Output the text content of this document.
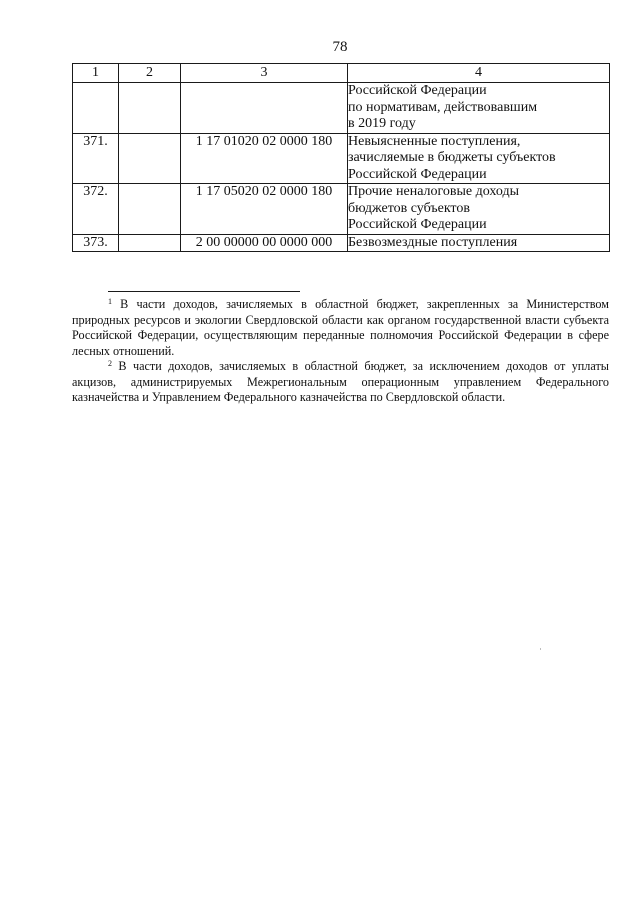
78
1	2	3	4

			Российской Федерации
по нормативам, действовавшим
в 2019 году

371.		1 17 01020 02 0000 180	Невыясненные поступления,
зачисляемые в бюджеты субъектов
Российской Федерации

372.		1 17 05020 02 0000 180	Прочие неналоговые доходы
бюджетов субъектов
Российской Федерации

373.		2 00 00000 00 0000 000	Безвозмездные поступления

$^1$ В части доходов, зачисляемых в областной бюджет, закрепленных за Министерством природных ресурсов и экологии Свердловской области как органом государственной власти субъекта Российской Федерации, осуществляющим переданные полномочия Российской Федерации в сфере лесных отношений.

$^2$ В части доходов, зачисляемых в областной бюджет, за исключением доходов от уплаты акцизов, администрируемых Межрегиональным операционным управлением Федерального казначейства и Управлением Федерального казначейства по Свердловской области.
